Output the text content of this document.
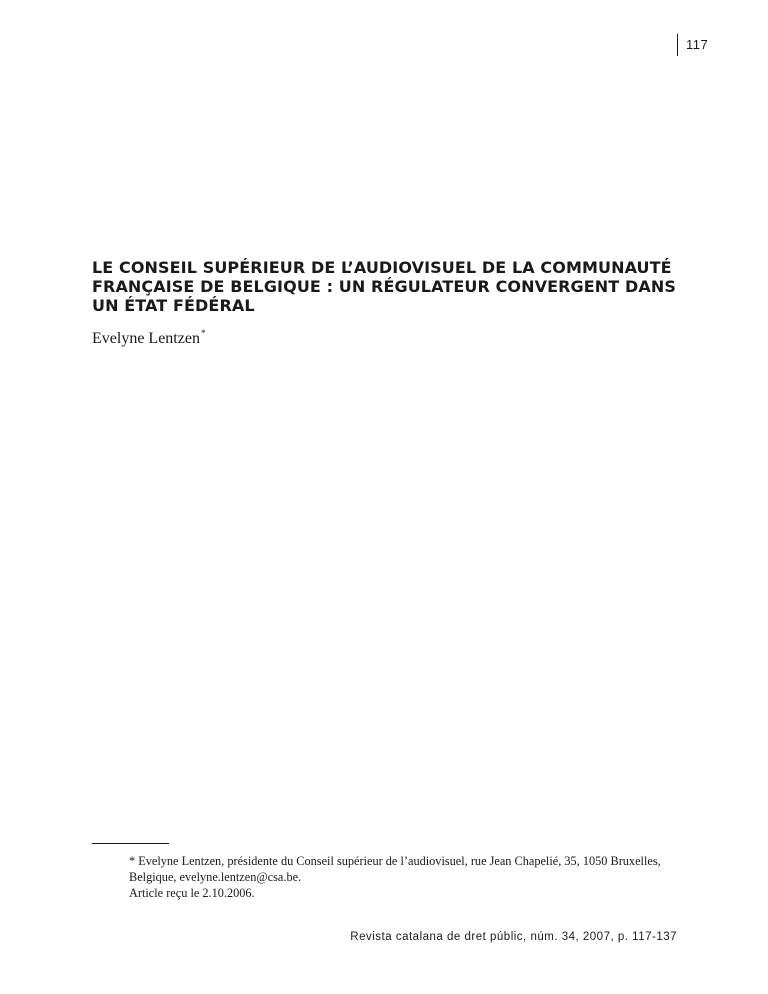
117
LE CONSEIL SUPÉRIEUR DE L’AUDIOVISUEL DE LA COMMUNAUTÉ FRANÇAISE DE BELGIQUE : UN RÉGULATEUR CONVERGENT DANS UN ÉTAT FÉDÉRAL
Evelyne Lentzen*

* Evelyne Lentzen, présidente du Conseil supérieur de l’audiovisuel, rue Jean Chapelié, 35, 1050 Bruxelles, Belgique, evelyne.lentzen@csa.be.

Article reçu le 2.10.2006.

Revista catalana de dret públic, núm. 34, 2007, p. 117-137
